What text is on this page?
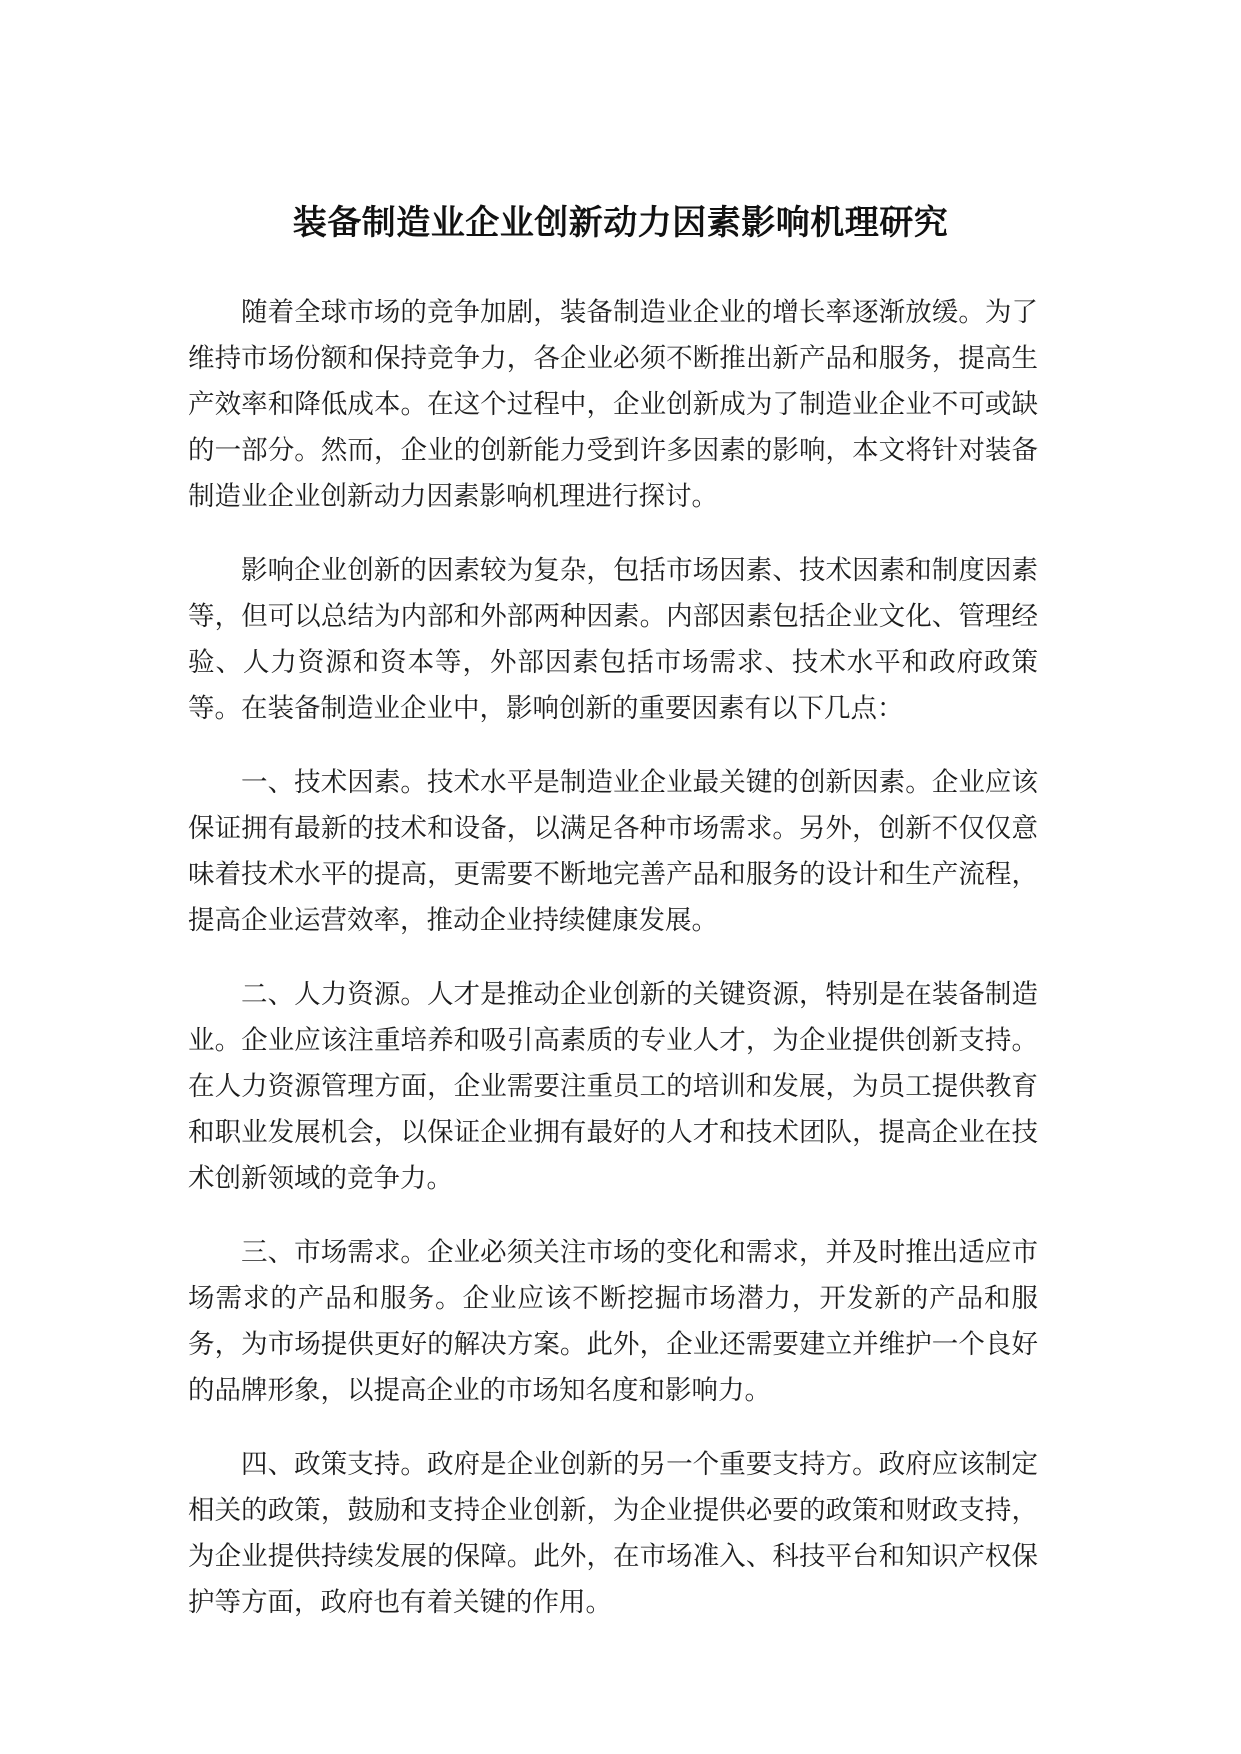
装备制造业企业创新动力因素影响机理研究

随着全球市场的竞争加剧，装备制造业企业的增长率逐渐放缓。为了维持市场份额和保持竞争力，各企业必须不断推出新产品和服务，提高生产效率和降低成本。在这个过程中，企业创新成为了制造业企业不可或缺的一部分。然而，企业的创新能力受到许多因素的影响，本文将针对装备制造业企业创新动力因素影响机理进行探讨。

影响企业创新的因素较为复杂，包括市场因素、技术因素和制度因素等，但可以总结为内部和外部两种因素。内部因素包括企业文化、管理经验、人力资源和资本等，外部因素包括市场需求、技术水平和政府政策等。在装备制造业企业中，影响创新的重要因素有以下几点：

一、技术因素。技术水平是制造业企业最关键的创新因素。企业应该保证拥有最新的技术和设备，以满足各种市场需求。另外，创新不仅仅意味着技术水平的提高，更需要不断地完善产品和服务的设计和生产流程，提高企业运营效率，推动企业持续健康发展。

二、人力资源。人才是推动企业创新的关键资源，特别是在装备制造业。企业应该注重培养和吸引高素质的专业人才，为企业提供创新支持。在人力资源管理方面，企业需要注重员工的培训和发展，为员工提供教育和职业发展机会，以保证企业拥有最好的人才和技术团队，提高企业在技术创新领域的竞争力。

三、市场需求。企业必须关注市场的变化和需求，并及时推出适应市场需求的产品和服务。企业应该不断挖掘市场潜力，开发新的产品和服务，为市场提供更好的解决方案。此外，企业还需要建立并维护一个良好的品牌形象，以提高企业的市场知名度和影响力。

四、政策支持。政府是企业创新的另一个重要支持方。政府应该制定相关的政策，鼓励和支持企业创新，为企业提供必要的政策和财政支持，为企业提供持续发展的保障。此外，在市场准入、科技平台和知识产权保护等方面，政府也有着关键的作用。
